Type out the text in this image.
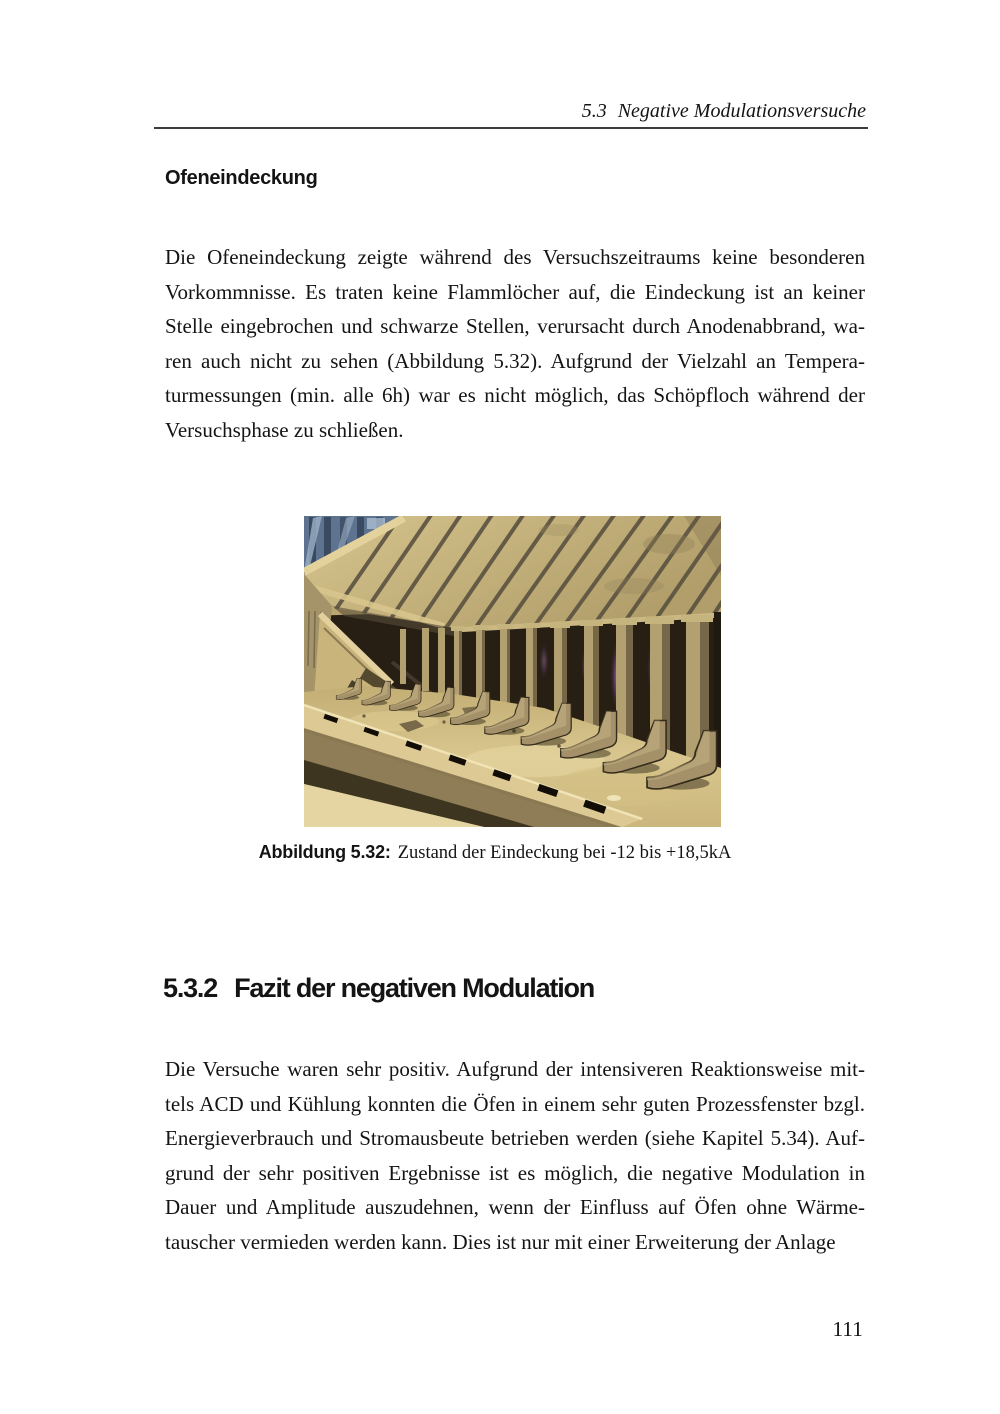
5.3 Negative Modulationsversuche
Ofeneindeckung
Die Ofeneindeckung zeigte während des Versuchszeitraums keine besonderen
Vorkommnisse. Es traten keine Flammlöcher auf, die Eindeckung ist an keiner
Stelle eingebrochen und schwarze Stellen, verursacht durch Anodenabbrand, wa-
ren auch nicht zu sehen (Abbildung 5.32). Aufgrund der Vielzahl an Tempera-
turmessungen (min. alle 6h) war es nicht möglich, das Schöpfloch während der
Versuchsphase zu schließen.
Abbildung 5.32: Zustand der Eindeckung bei -12 bis +18,5kA
5.3.2 Fazit der negativen Modulation
Die Versuche waren sehr positiv. Aufgrund der intensiveren Reaktionsweise mit-
tels ACD und Kühlung konnten die Öfen in einem sehr guten Prozessfenster bzgl.
Energieverbrauch und Stromausbeute betrieben werden (siehe Kapitel 5.34). Auf-
grund der sehr positiven Ergebnisse ist es möglich, die negative Modulation in
Dauer und Amplitude auszudehnen, wenn der Einfluss auf Öfen ohne Wärme-
tauscher vermieden werden kann. Dies ist nur mit einer Erweiterung der Anlage
111
